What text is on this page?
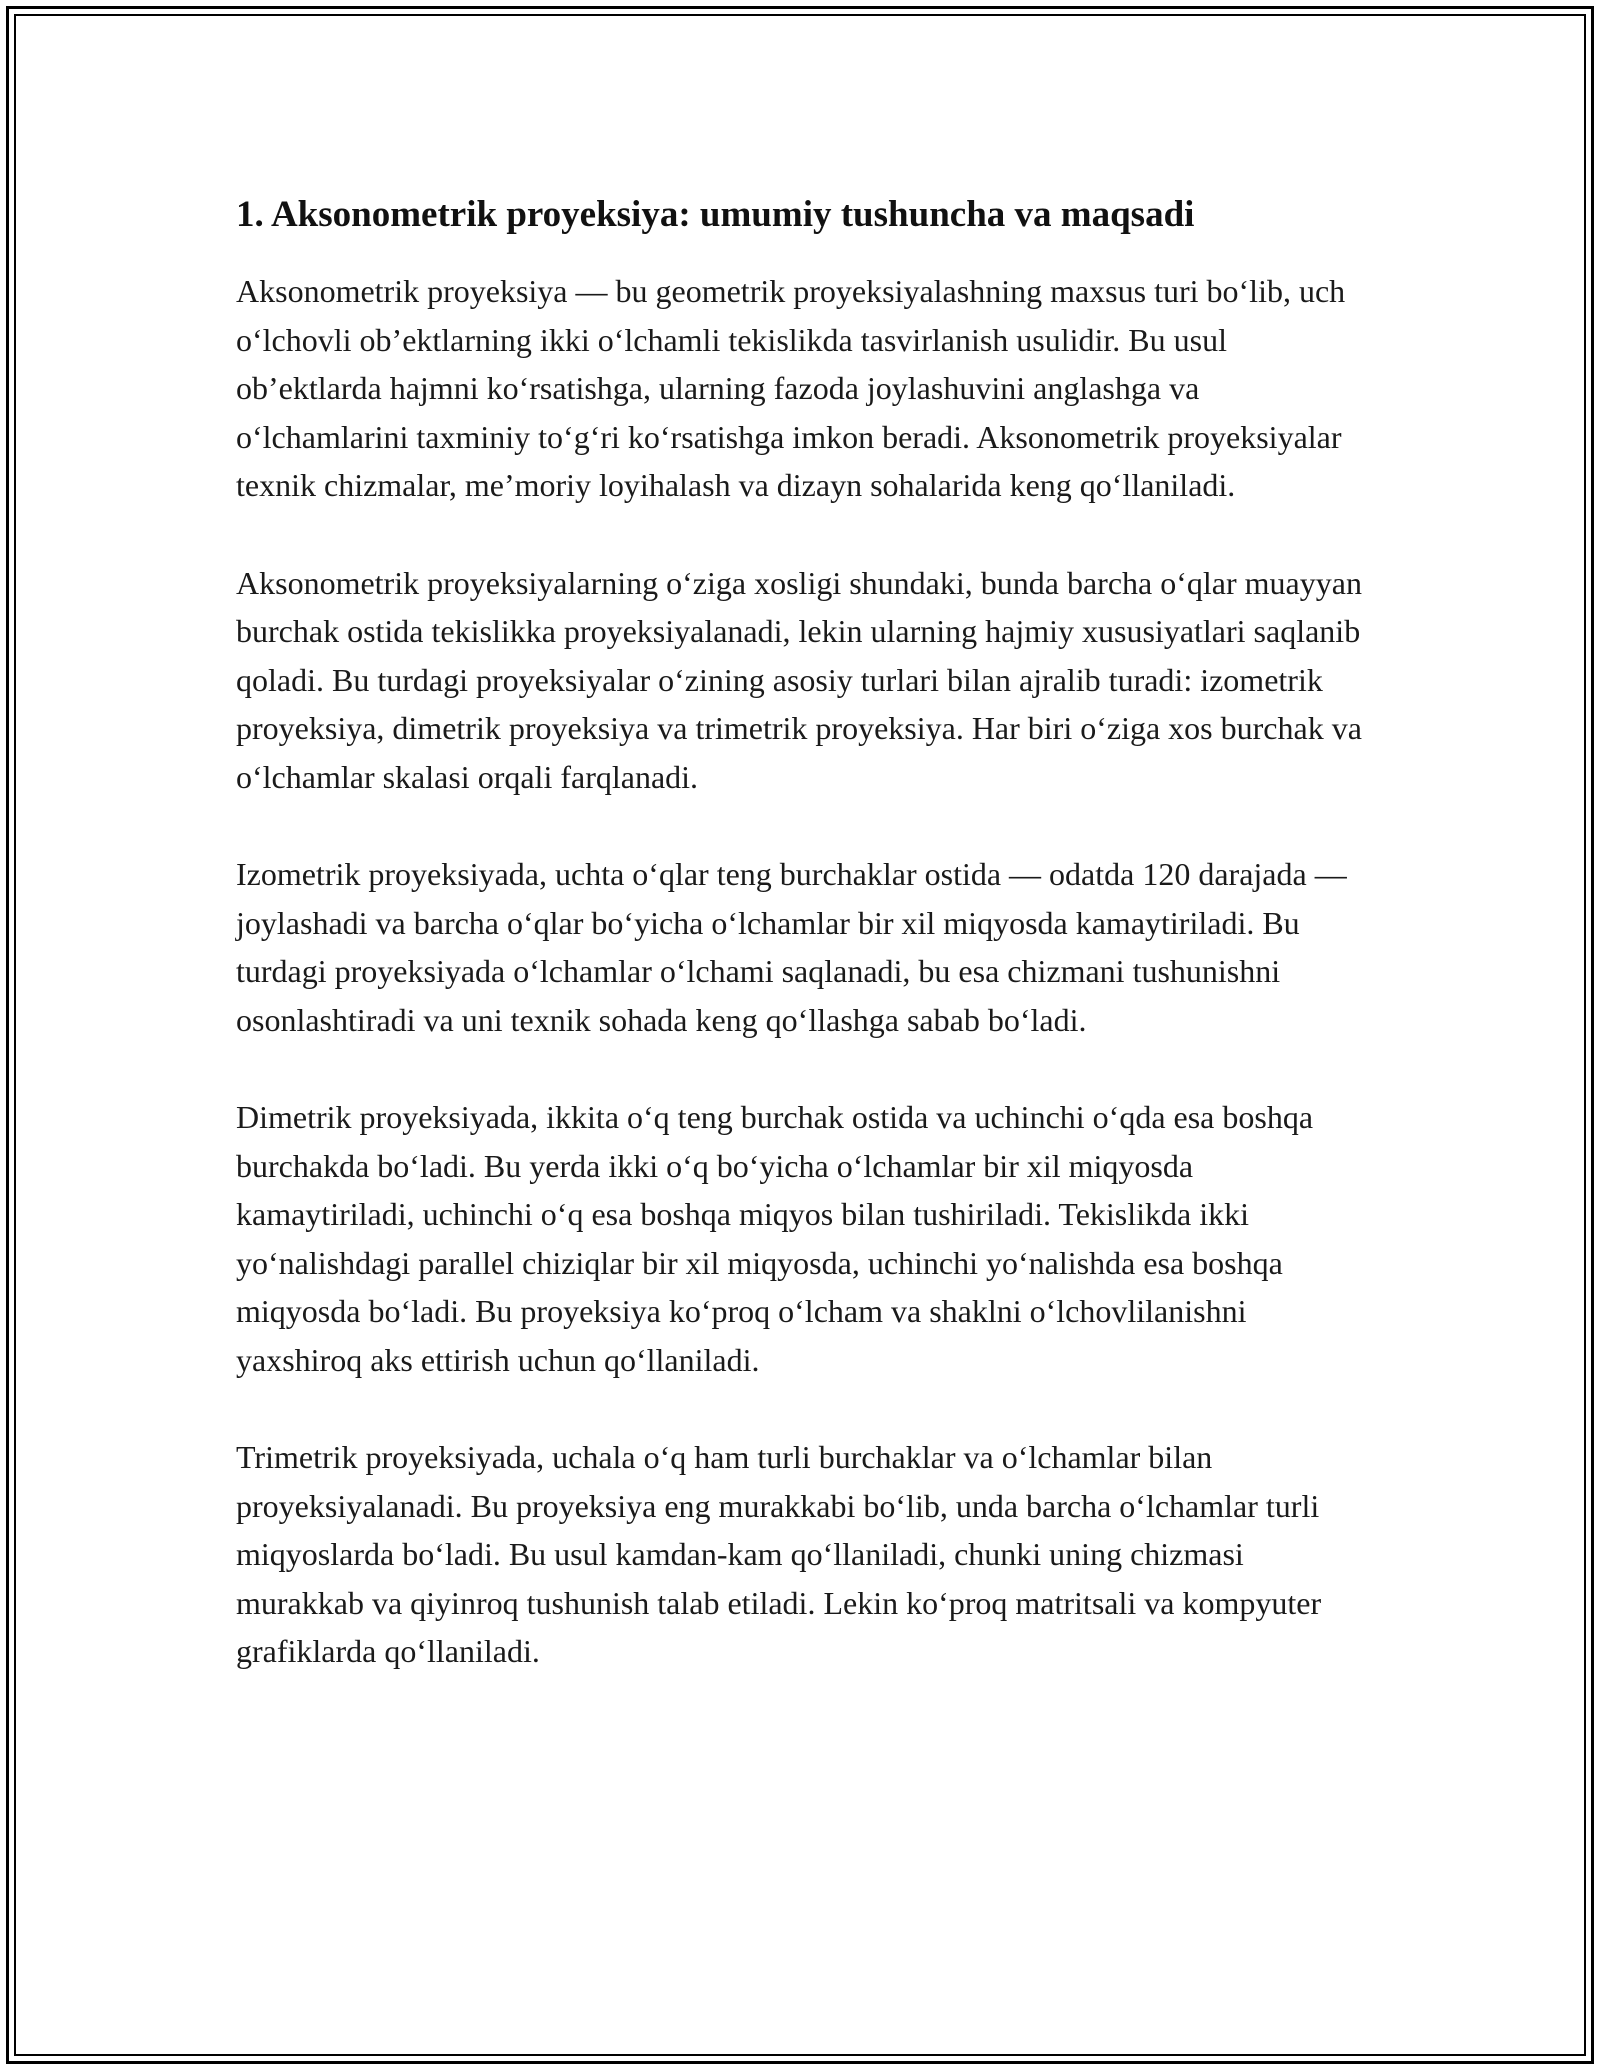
1. Aksonometrik proyeksiya: umumiy tushuncha va maqsadi

Aksonometrik proyeksiya — bu geometrik proyeksiyalashning maxsus turi bo‘lib, uch o‘lchovli ob’ektlarning ikki o‘lchamli tekislikda tasvirlanish usulidir. Bu usul ob’ektlarda hajmni ko‘rsatishga, ularning fazoda joylashuvini anglashga va o‘lchamlarini taxminiy to‘g‘ri ko‘rsatishga imkon beradi. Aksonometrik proyeksiyalar texnik chizmalar, me’moriy loyihalash va dizayn sohalarida keng qo‘llaniladi.

Aksonometrik proyeksiyalarning o‘ziga xosligi shundaki, bunda barcha o‘qlar muayyan burchak ostida tekislikka proyeksiyalanadi, lekin ularning hajmiy xususiyatlari saqlanib qoladi. Bu turdagi proyeksiyalar o‘zining asosiy turlari bilan ajralib turadi: izometrik proyeksiya, dimetrik proyeksiya va trimetrik proyeksiya. Har biri o‘ziga xos burchak va o‘lchamlar skalasi orqali farqlanadi.

Izometrik proyeksiyada, uchta o‘qlar teng burchaklar ostida — odatda 120 darajada — joylashadi va barcha o‘qlar bo‘yicha o‘lchamlar bir xil miqyosda kamaytiriladi. Bu turdagi proyeksiyada o‘lchamlar o‘lchami saqlanadi, bu esa chizmani tushunishni osonlashtiradi va uni texnik sohada keng qo‘llashga sabab bo‘ladi.

Dimetrik proyeksiyada, ikkita o‘q teng burchak ostida va uchinchi o‘qda esa boshqa burchakda bo‘ladi. Bu yerda ikki o‘q bo‘yicha o‘lchamlar bir xil miqyosda kamaytiriladi, uchinchi o‘q esa boshqa miqyos bilan tushiriladi. Tekislikda ikki yo‘nalishdagi parallel chiziqlar bir xil miqyosda, uchinchi yo‘nalishda esa boshqa miqyosda bo‘ladi. Bu proyeksiya ko‘proq o‘lcham va shaklni o‘lchovlilanishni yaxshiroq aks ettirish uchun qo‘llaniladi.

Trimetrik proyeksiyada, uchala o‘q ham turli burchaklar va o‘lchamlar bilan proyeksiyalanadi. Bu proyeksiya eng murakkabi bo‘lib, unda barcha o‘lchamlar turli miqyoslarda bo‘ladi. Bu usul kamdan-kam qo‘llaniladi, chunki uning chizmasi murakkab va qiyinroq tushunish talab etiladi. Lekin ko‘proq matritsali va kompyuter grafiklarda qo‘llaniladi.
